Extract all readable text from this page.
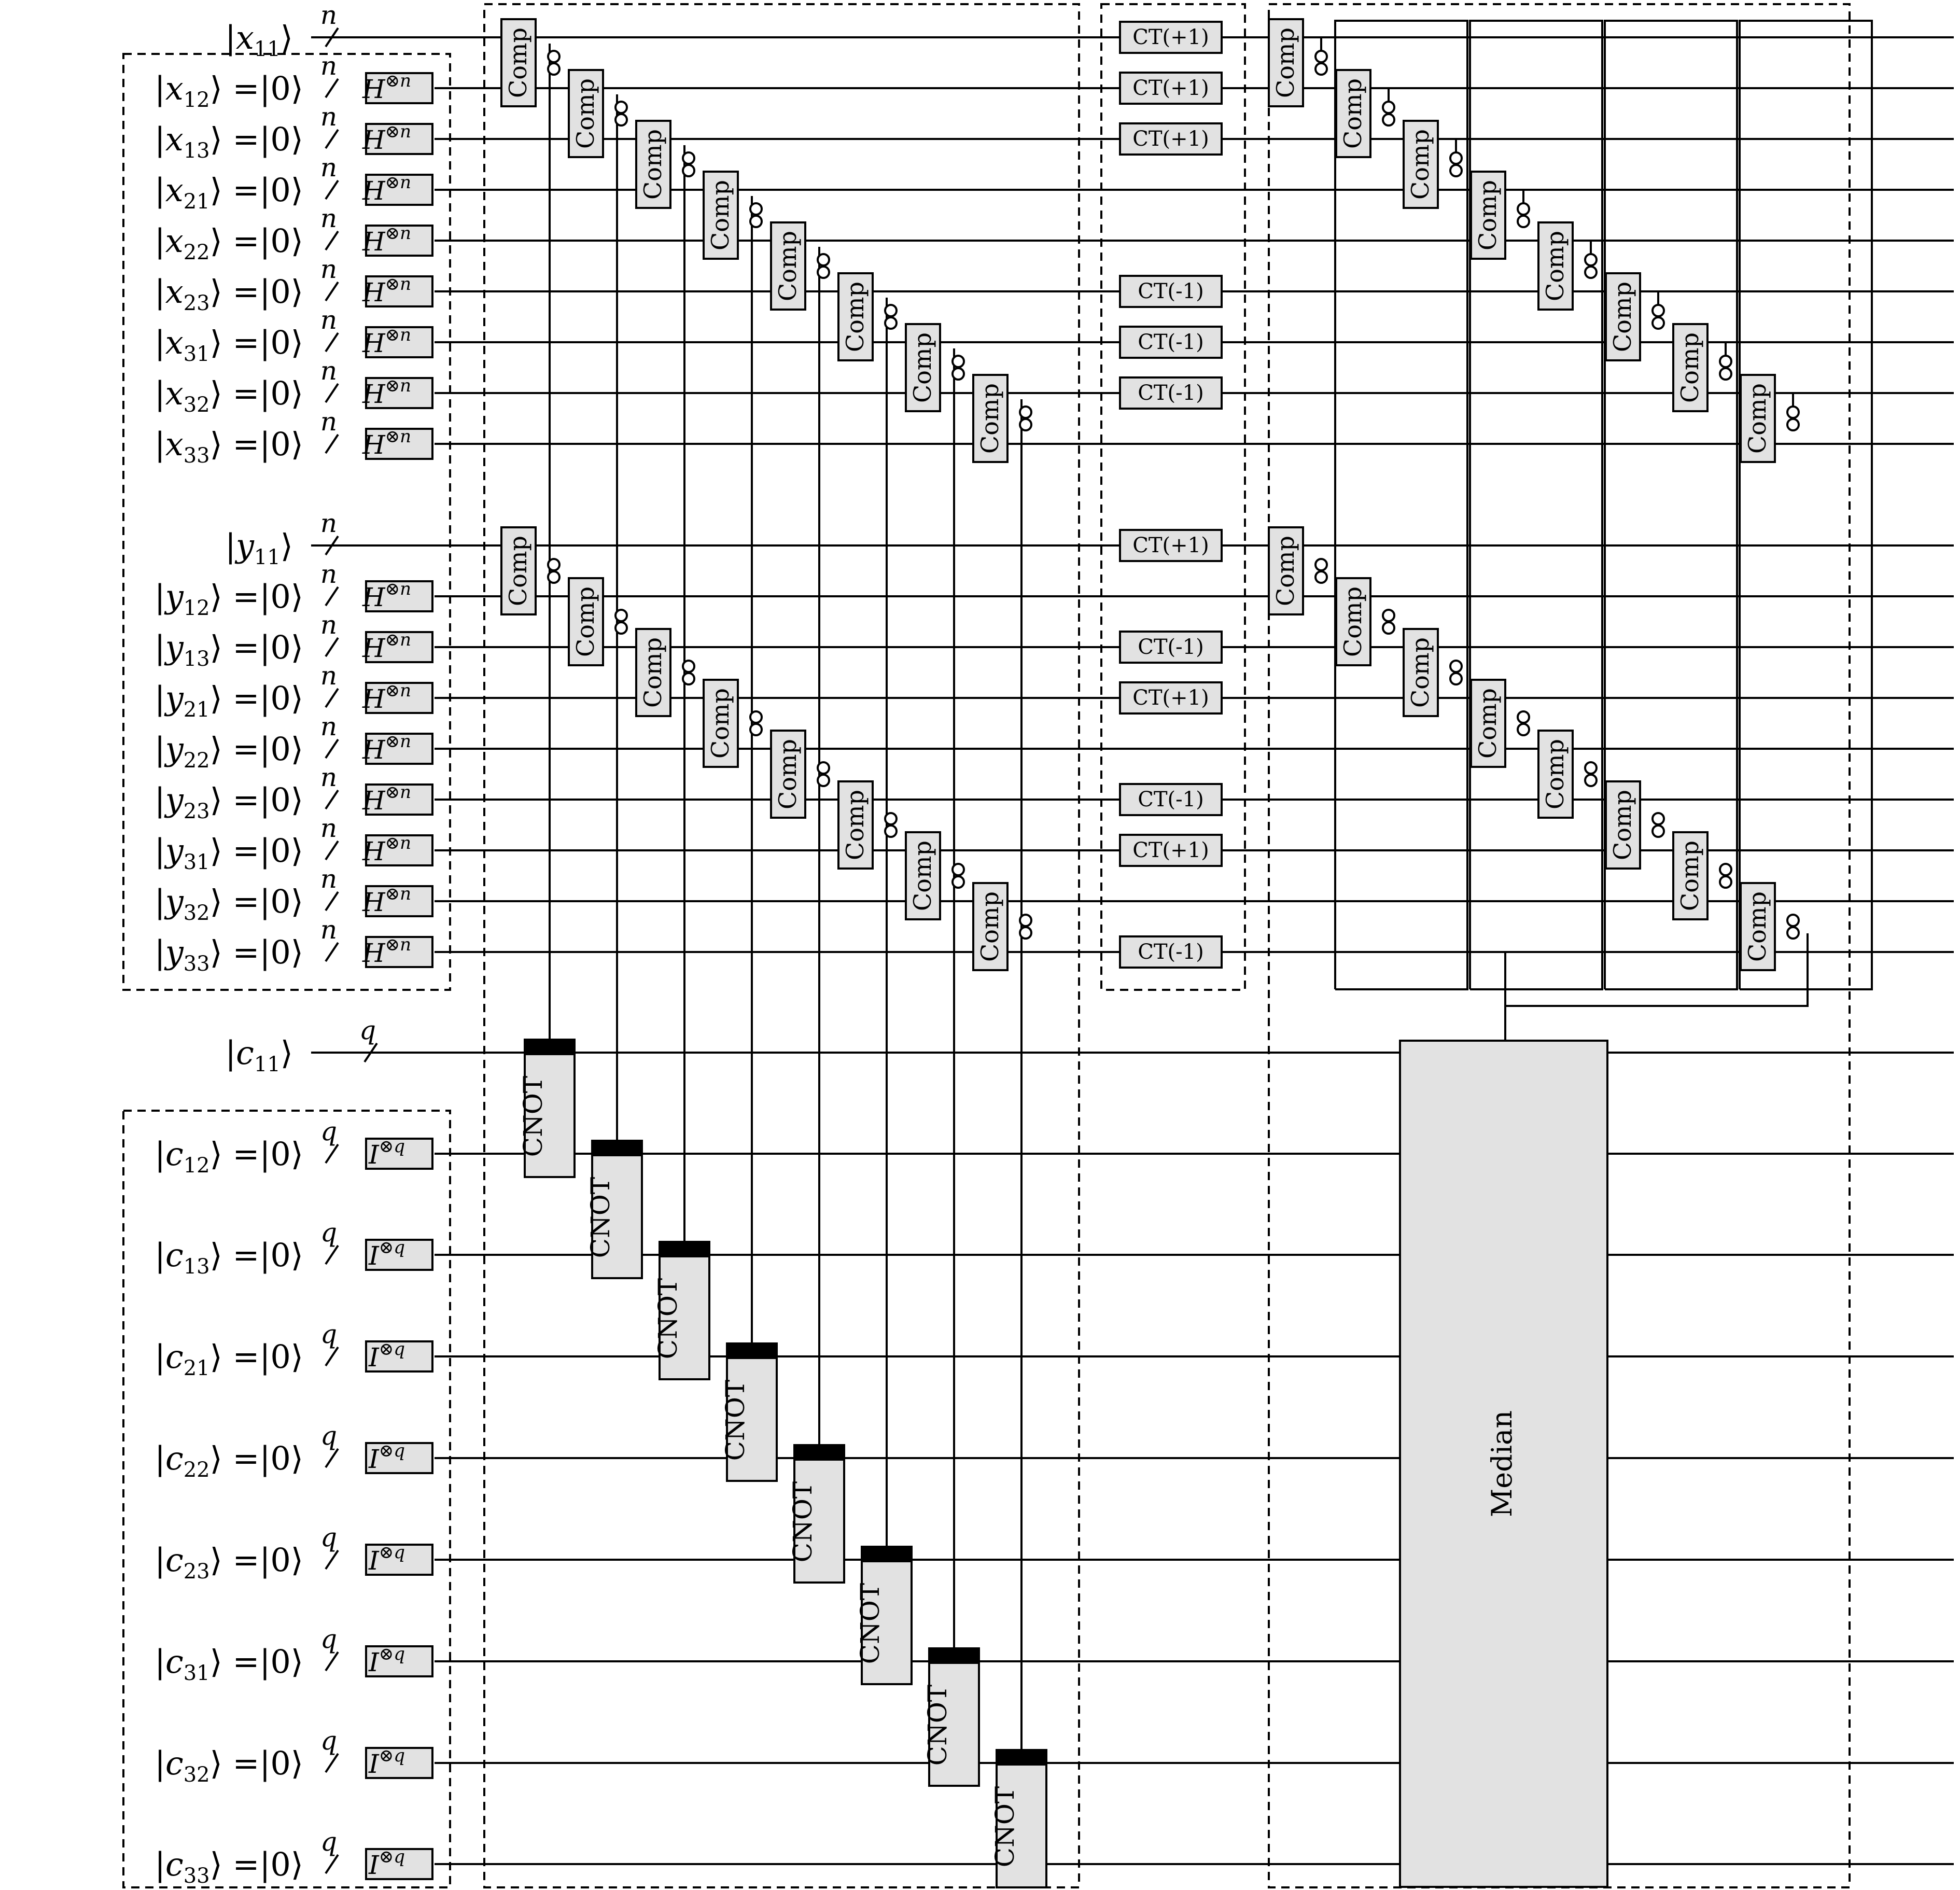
$|x_{11}⟩$
n
$|x_{12}⟩$ =|0⟩
n
$H^{\otimes n}$
$|x_{13}⟩$ =|0⟩
n
$H^{\otimes n}$
$|x_{21}⟩$ =|0⟩
n
$H^{\otimes n}$
$|x_{22}⟩$ =|0⟩
n
$H^{\otimes n}$
$|x_{23}⟩$ =|0⟩
n
$H^{\otimes n}$
$|x_{31}⟩$ =|0⟩
n
$H^{\otimes n}$
$|x_{32}⟩$ =|0⟩
n
$H^{\otimes n}$
$|x_{33}⟩$ =|0⟩
n
$H^{\otimes n}$
$|y_{11}⟩$
n
$|y_{12}⟩$ =|0⟩
n
$H^{\otimes n}$
$|y_{13}⟩$ =|0⟩
n
$H^{\otimes n}$
$|y_{21}⟩$ =|0⟩
n
$H^{\otimes n}$
$|y_{22}⟩$ =|0⟩
n
$H^{\otimes n}$
$|y_{23}⟩$ =|0⟩
n
$H^{\otimes n}$
$|y_{31}⟩$ =|0⟩
n
$H^{\otimes n}$
$|y_{32}⟩$ =|0⟩
n
$H^{\otimes n}$
$|y_{33}⟩$ =|0⟩
n
$H^{\otimes n}$
$|c_{11}⟩$
q
$|c_{12}⟩$ =|0⟩
q
$I^{\otimes q}$
$|c_{13}⟩$ =|0⟩
q
$I^{\otimes q}$
$|c_{21}⟩$ =|0⟩
q
$I^{\otimes q}$
$|c_{22}⟩$ =|0⟩
q
$I^{\otimes q}$
$|c_{23}⟩$ =|0⟩
q
$I^{\otimes q}$
$|c_{31}⟩$ =|0⟩
q
$I^{\otimes q}$
$|c_{32}⟩$ =|0⟩
q
$I^{\otimes q}$
$|c_{33}⟩$ =|0⟩
q
$I^{\otimes q}$
Comp
Comp
CNOT
Comp
Comp
CNOT
Comp
Comp
CNOT
Comp
Comp
CNOT
Comp
Comp
CNOT
Comp
Comp
CNOT
Comp
Comp
CNOT
Comp
Comp
CNOT
CT(+1)
CT(+1)
CT(+1)
CT(-1)
CT(-1)
CT(-1)
CT(+1)
CT(-1)
CT(+1)
CT(-1)
CT(+1)
CT(-1)
Comp
Comp
Comp
Comp
Comp
Comp
Comp
Comp
Comp
Comp
Comp
Comp
Comp
Comp
Comp
Comp
Median
